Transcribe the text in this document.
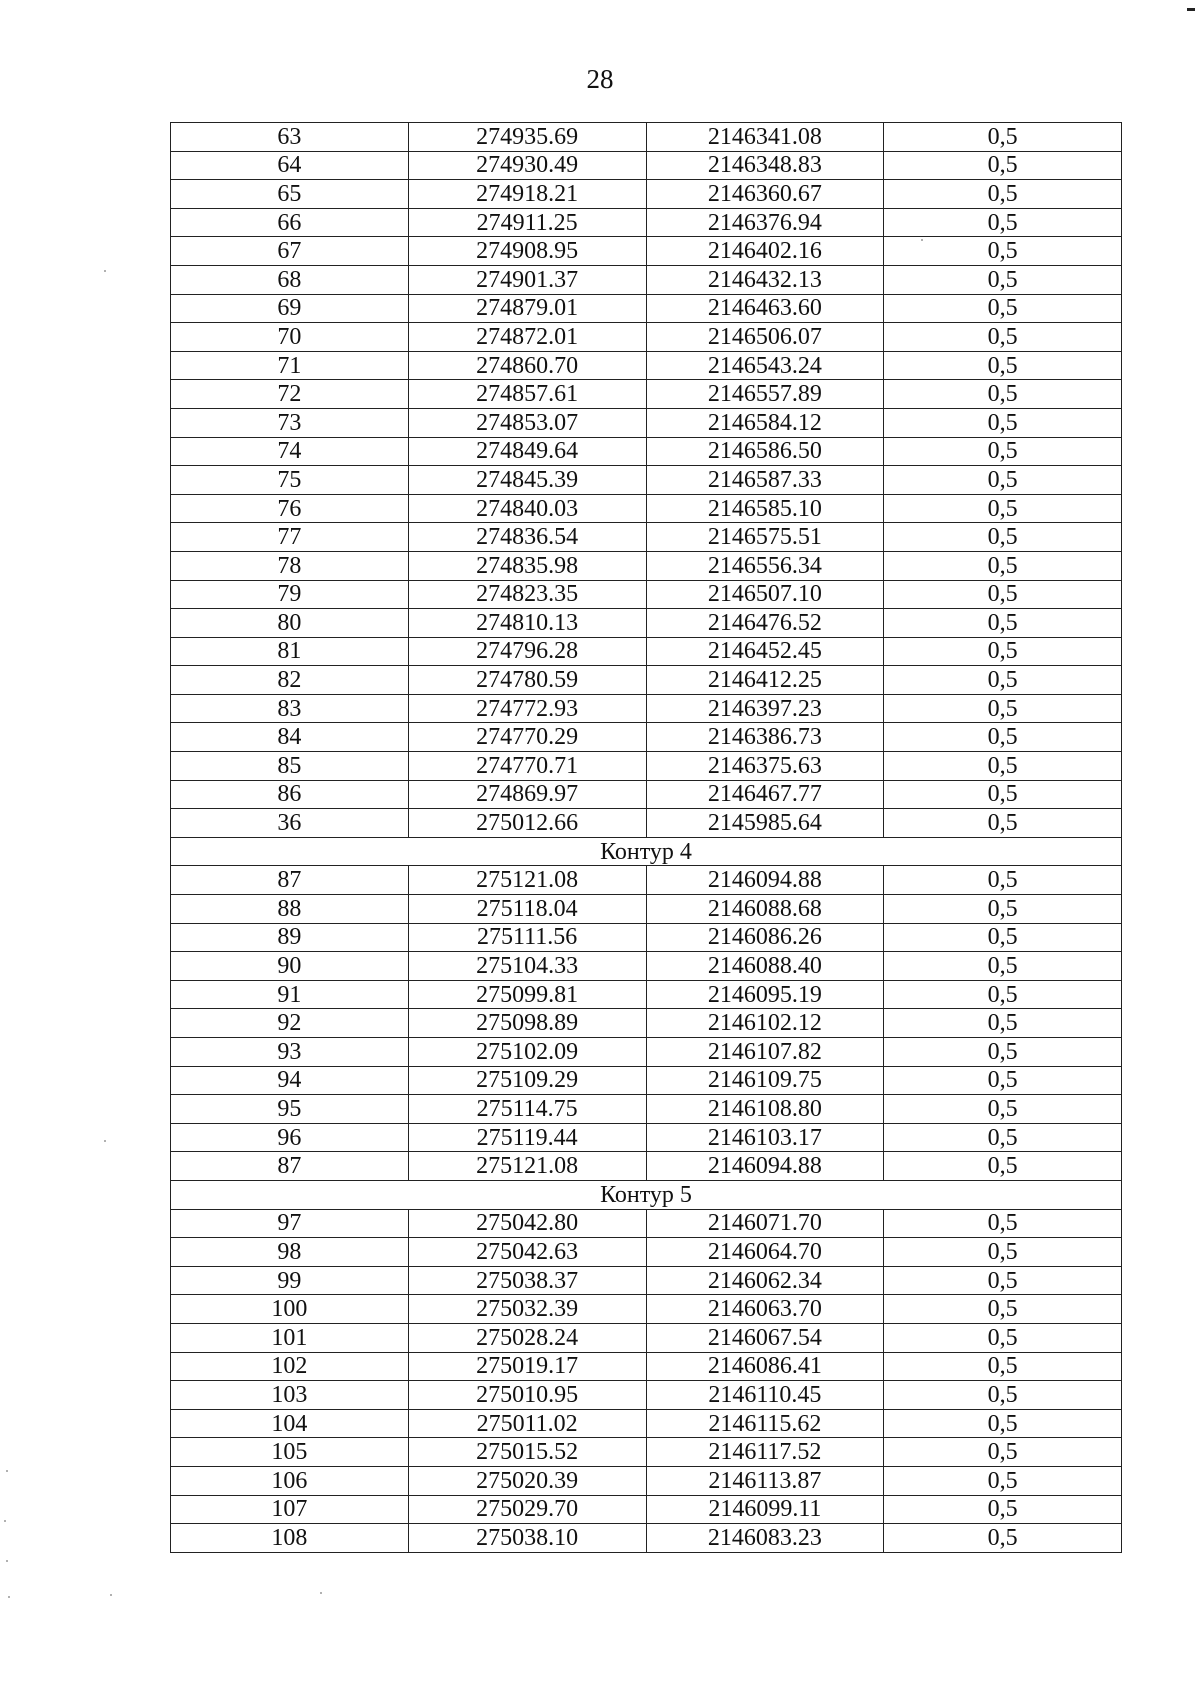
28
63	274935.69	2146341.08	0,5
64	274930.49	2146348.83	0,5
65	274918.21	2146360.67	0,5
66	274911.25	2146376.94	0,5
67	274908.95	2146402.16	0,5
68	274901.37	2146432.13	0,5
69	274879.01	2146463.60	0,5
70	274872.01	2146506.07	0,5
71	274860.70	2146543.24	0,5
72	274857.61	2146557.89	0,5
73	274853.07	2146584.12	0,5
74	274849.64	2146586.50	0,5
75	274845.39	2146587.33	0,5
76	274840.03	2146585.10	0,5
77	274836.54	2146575.51	0,5
78	274835.98	2146556.34	0,5
79	274823.35	2146507.10	0,5
80	274810.13	2146476.52	0,5
81	274796.28	2146452.45	0,5
82	274780.59	2146412.25	0,5
83	274772.93	2146397.23	0,5
84	274770.29	2146386.73	0,5
85	274770.71	2146375.63	0,5
86	274869.97	2146467.77	0,5
36	275012.66	2145985.64	0,5
Контур 4			
87	275121.08	2146094.88	0,5
88	275118.04	2146088.68	0,5
89	275111.56	2146086.26	0,5
90	275104.33	2146088.40	0,5
91	275099.81	2146095.19	0,5
92	275098.89	2146102.12	0,5
93	275102.09	2146107.82	0,5
94	275109.29	2146109.75	0,5
95	275114.75	2146108.80	0,5
96	275119.44	2146103.17	0,5
87	275121.08	2146094.88	0,5
Контур 5			
97	275042.80	2146071.70	0,5
98	275042.63	2146064.70	0,5
99	275038.37	2146062.34	0,5
100	275032.39	2146063.70	0,5
101	275028.24	2146067.54	0,5
102	275019.17	2146086.41	0,5
103	275010.95	2146110.45	0,5
104	275011.02	2146115.62	0,5
105	275015.52	2146117.52	0,5
106	275020.39	2146113.87	0,5
107	275029.70	2146099.11	0,5
108	275038.10	2146083.23	0,5
